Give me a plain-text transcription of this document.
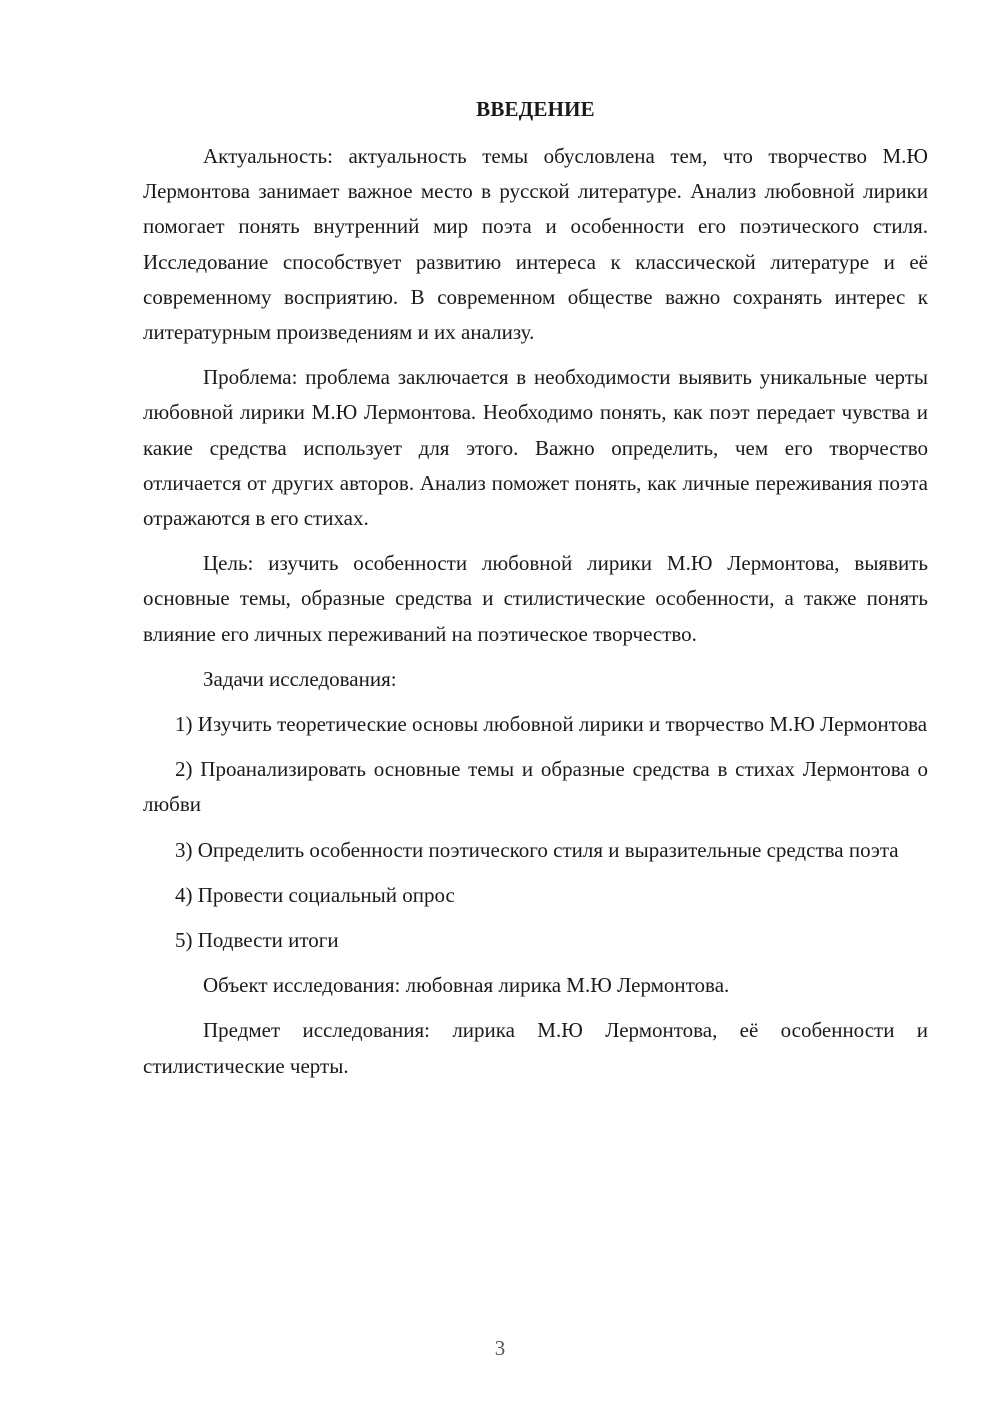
ВВЕДЕНИЕ

Актуальность: актуальность темы обусловлена тем, что творчество М.Ю Лермонтова занимает важное место в русской литературе. Анализ любовной лирики помогает понять внутренний мир поэта и особенности его поэтического стиля. Исследование способствует развитию интереса к классической литературе и её современному восприятию. В современном обществе важно сохранять интерес к литературным произведениям и их анализу.

Проблема: проблема заключается в необходимости выявить уникальные черты любовной лирики М.Ю Лермонтова. Необходимо понять, как поэт передает чувства и какие средства использует для этого. Важно определить, чем его творчество отличается от других авторов. Анализ поможет понять, как личные переживания поэта отражаются в его стихах.

Цель: изучить особенности любовной лирики М.Ю Лермонтова, выявить основные темы, образные средства и стилистические особенности, а также понять влияние его личных переживаний на поэтическое творчество.

Задачи исследования:

1) Изучить теоретические основы любовной лирики и творчество М.Ю Лермонтова

2) Проанализировать основные темы и образные средства в стихах Лермонтова о любви

3) Определить особенности поэтического стиля и выразительные средства поэта

4) Провести социальный опрос

5) Подвести итоги

Объект исследования: любовная лирика М.Ю Лермонтова.

Предмет исследования: лирика М.Ю Лермонтова, её особенности и стилистические черты.

3
